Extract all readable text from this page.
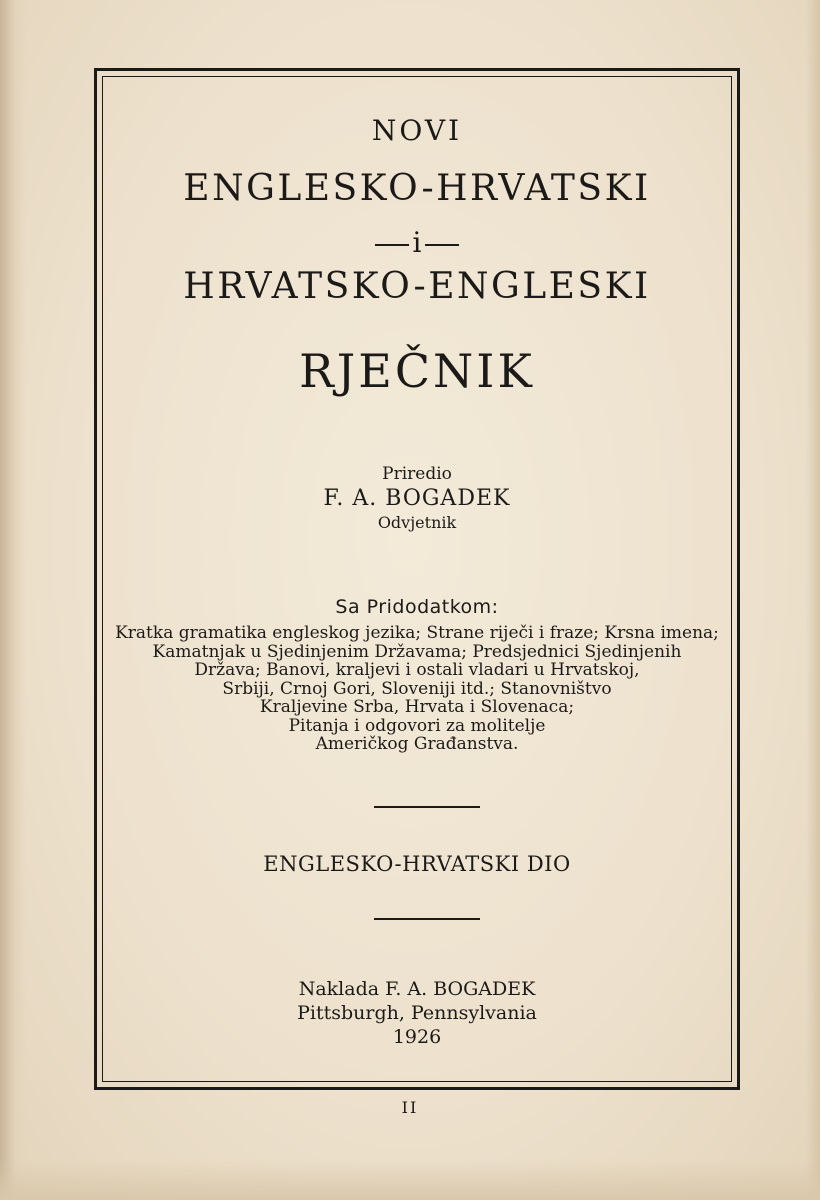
NOVI
ENGLESKO-HRVATSKI
i
HRVATSKO-ENGLESKI
RJEČNIK
Priredio
F. A. BOGADEK
Odvjetnik
Sa Pridodatkom:
Kratka gramatika engleskog jezika; Strane riječi i fraze; Krsna imena;
Kamatnjak u Sjedinjenim Državama; Predsjednici Sjedinjenih
Država; Banovi, kraljevi i ostali vladari u Hrvatskoj,
Srbiji, Crnoj Gori, Sloveniji itd.; Stanovništvo
Kraljevine Srba, Hrvata i Slovenaca;
Pitanja i odgovori za molitelje
Američkog Građanstva.
ENGLESKO-HRVATSKI DIO
Naklada F. A. BOGADEK
Pittsburgh, Pennsylvania
1926
II
